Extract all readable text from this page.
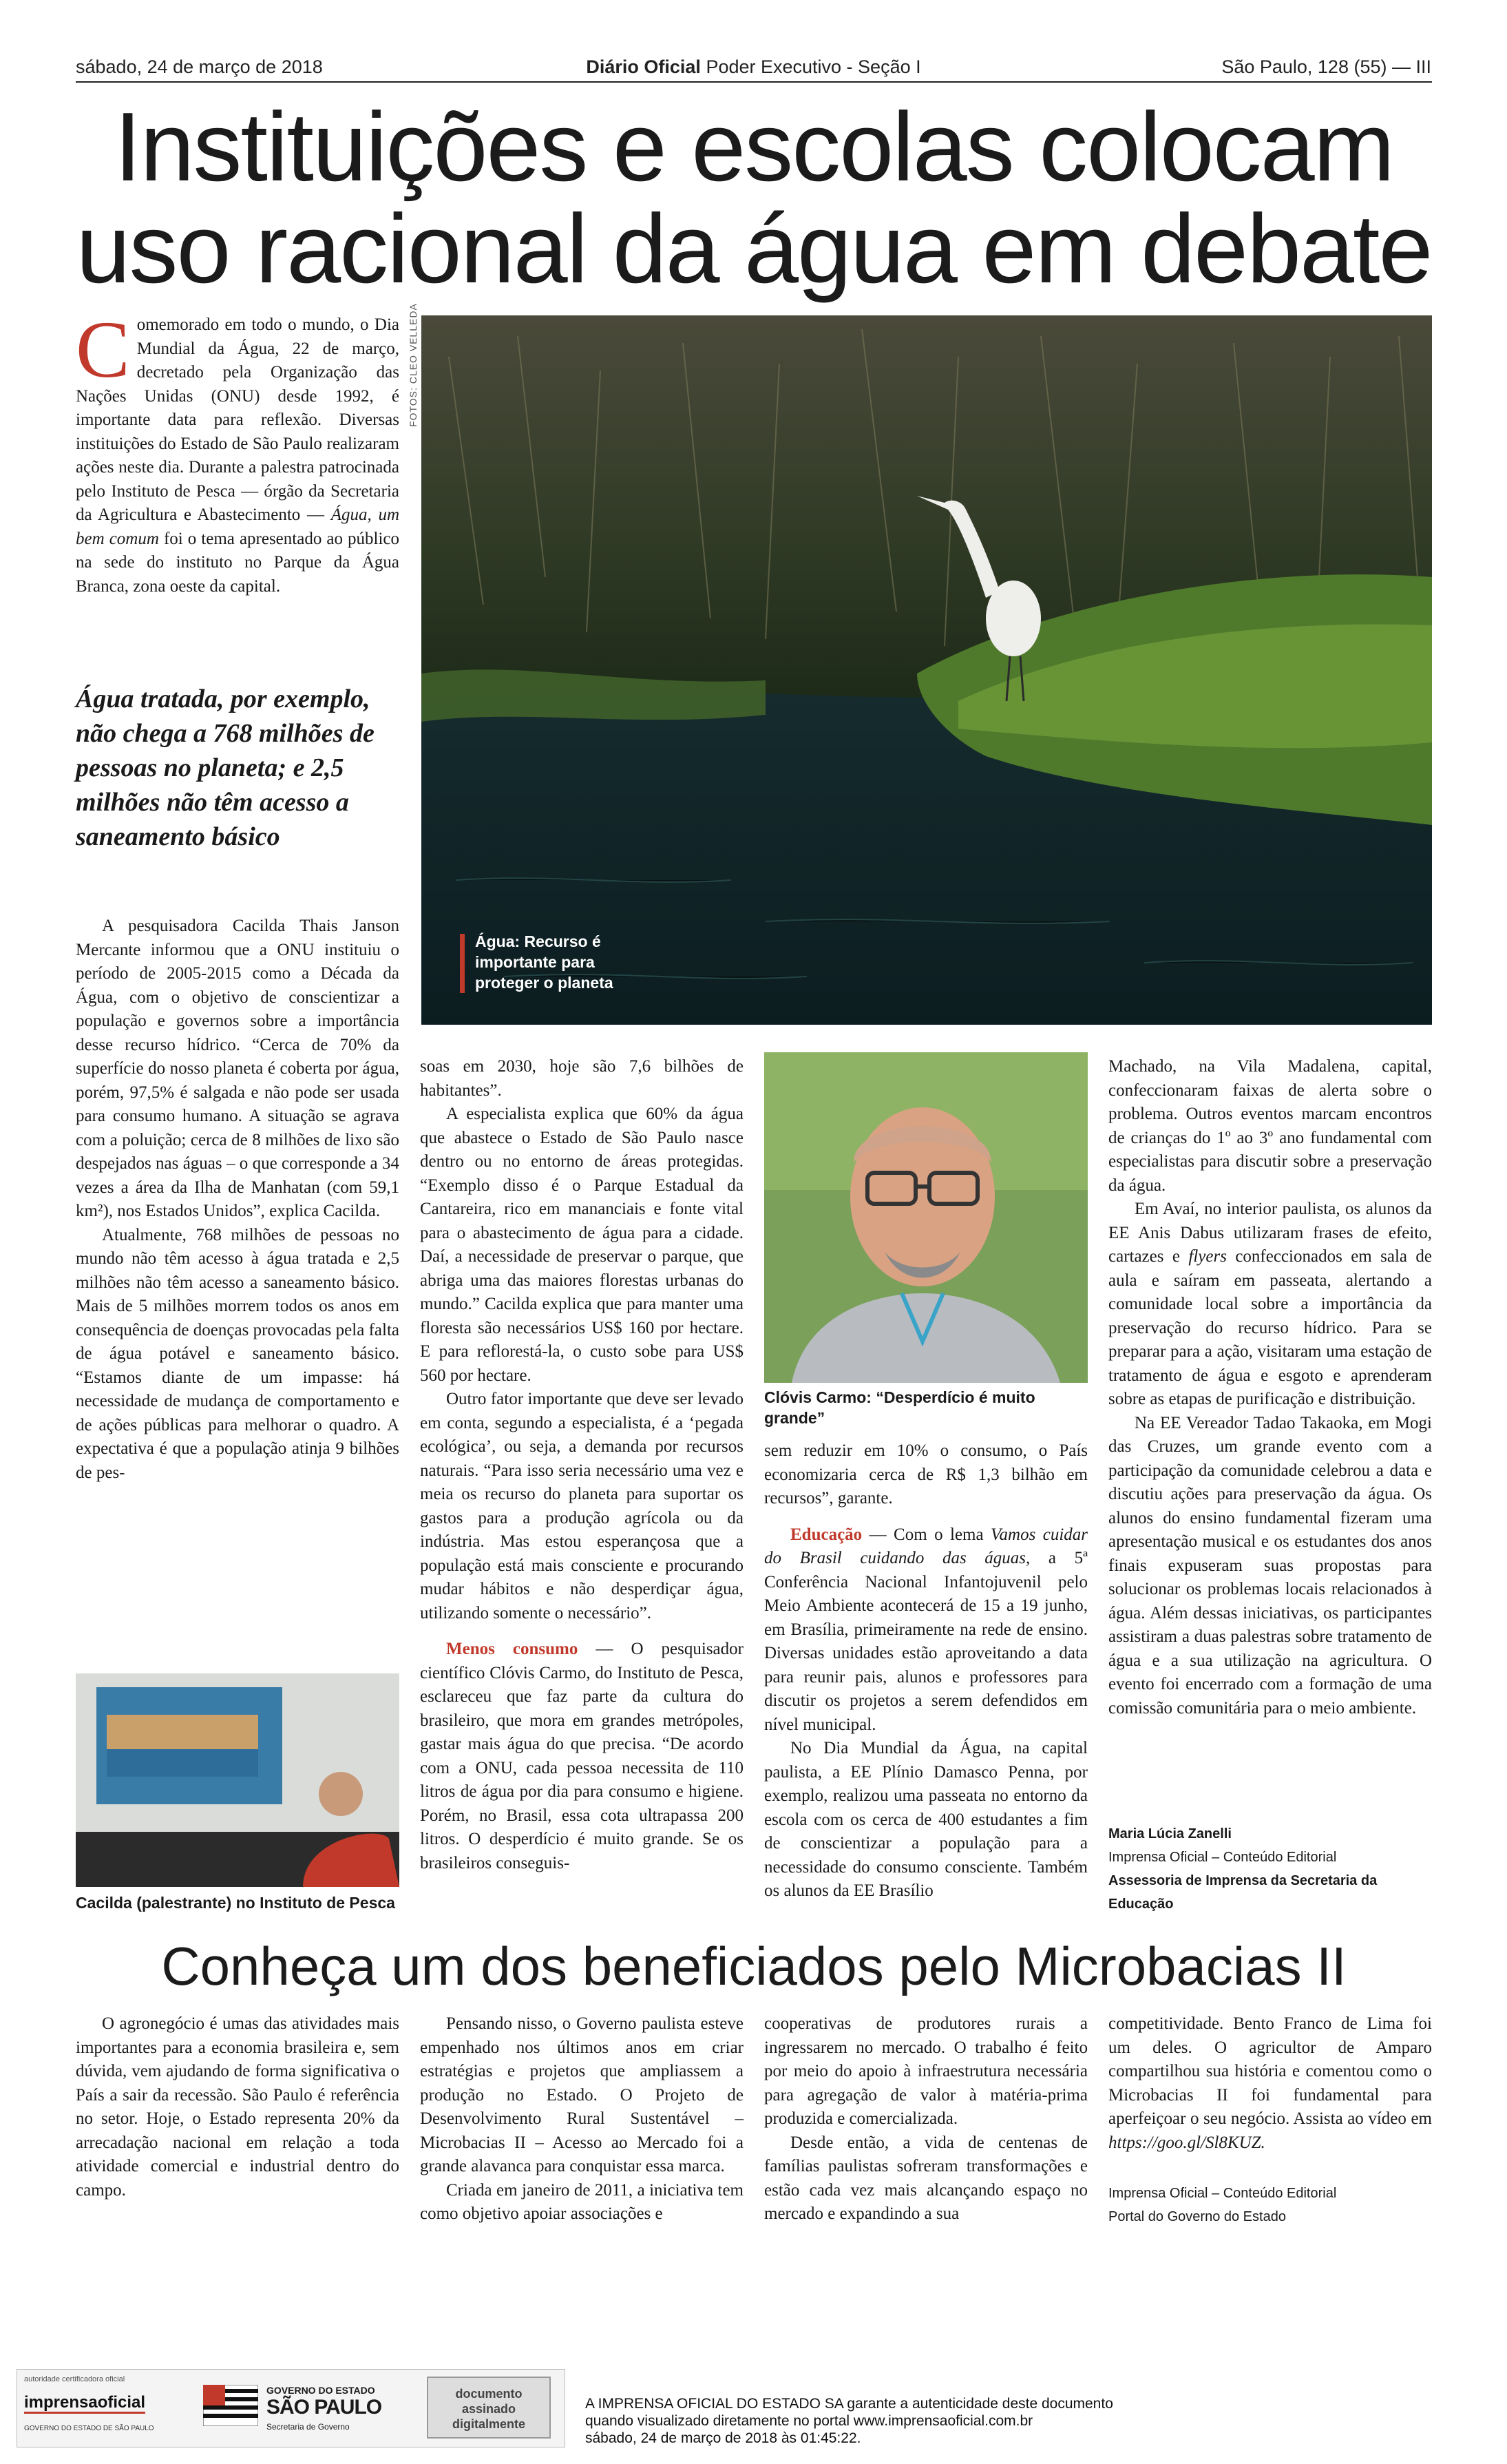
sábado, 24 de março de 2018	Diário Oficial Poder Executivo - Seção I	São Paulo, 128 (55) — III
Instituições e escolas colocam
uso racional da água em debate
Comemorado em todo o mundo, o Dia Mundial da Água, 22 de março, decretado pela Organização das Nações Unidas (ONU) desde 1992, é importante data para reflexão. Diversas instituições do Estado de São Paulo realizaram ações neste dia. Durante a palestra patrocinada pelo Instituto de Pesca — órgão da Secretaria da Agricultura e Abastecimento — Água, um bem comum foi o tema apresentado ao público na sede do instituto no Parque da Água Branca, zona oeste da capital.
Água tratada, por exemplo, não chega a 768 milhões de pessoas no planeta; e 2,5 milhões não têm acesso a saneamento básico
FOTOS: CLEO VELLEDA
Água: Recurso é importante para proteger o planeta

A pesquisadora Cacilda Thais Janson Mercante informou que a ONU instituiu o período de 2005-2015 como a Década da Água, com o objetivo de conscientizar a população e governos sobre a importância desse recurso hídrico. “Cerca de 70% da superfície do nosso planeta é coberta por água, porém, 97,5% é salgada e não pode ser usada para consumo humano. A situação se agrava com a poluição; cerca de 8 milhões de lixo são despejados nas águas – o que corresponde a 34 vezes a área da Ilha de Manhatan (com 59,1 km²), nos Estados Unidos”, explica Cacilda.

Atualmente, 768 milhões de pessoas no mundo não têm acesso à água tratada e 2,5 milhões não têm acesso a saneamento básico. Mais de 5 milhões morrem todos os anos em consequência de doenças provocadas pela falta de água potável e saneamento básico. “Estamos diante de um impasse: há necessidade de mudança de comportamento e de ações públicas para melhorar o quadro. A expectativa é que a população atinja 9 bilhões de pes-

Cacilda (palestrante) no Instituto de Pesca

soas em 2030, hoje são 7,6 bilhões de habitantes”.

A especialista explica que 60% da água que abastece o Estado de São Paulo nasce dentro ou no entorno de áreas protegidas. “Exemplo disso é o Parque Estadual da Cantareira, rico em mananciais e fonte vital para o abastecimento de água para a cidade. Daí, a necessidade de preservar o parque, que abriga uma das maiores florestas urbanas do mundo.” Cacilda explica que para manter uma floresta são necessários US$ 160 por hectare. E para reflorestá-la, o custo sobe para US$ 560 por hectare.

Outro fator importante que deve ser levado em conta, segundo a especialista, é a ‘pegada ecológica’, ou seja, a demanda por recursos naturais. “Para isso seria necessário uma vez e meia os recurso do planeta para suportar os gastos para a produção agrícola ou da indústria. Mas estou esperançosa que a população está mais consciente e procurando mudar hábitos e não desperdiçar água, utilizando somente o necessário”.

Menos consumo — O pesquisador científico Clóvis Carmo, do Instituto de Pesca, esclareceu que faz parte da cultura do brasileiro, que mora em grandes metrópoles, gastar mais água do que precisa. “De acordo com a ONU, cada pessoa necessita de 110 litros de água por dia para consumo e higiene. Porém, no Brasil, essa cota ultrapassa 200 litros. O desperdício é muito grande. Se os brasileiros conseguis-

Clóvis Carmo: “Desperdício é muito grande”

sem reduzir em 10% o consumo, o País economizaria cerca de R$ 1,3 bilhão em recursos”, garante.

Educação — Com o lema Vamos cuidar do Brasil cuidando das águas, a 5ª Conferência Nacional Infantojuvenil pelo Meio Ambiente acontecerá de 15 a 19 junho, em Brasília, primeiramente na rede de ensino. Diversas unidades estão aproveitando a data para reunir pais, alunos e professores para discutir os projetos a serem defendidos em nível municipal.

No Dia Mundial da Água, na capital paulista, a EE Plínio Damasco Penna, por exemplo, realizou uma passeata no entorno da escola com os cerca de 400 estudantes a fim de conscientizar a população para a necessidade do consumo consciente. Também os alunos da EE Brasílio

Machado, na Vila Madalena, capital, confeccionaram faixas de alerta sobre o problema. Outros eventos marcam encontros de crianças do 1º ao 3º ano fundamental com especialistas para discutir sobre a preservação da água.

Em Avaí, no interior paulista, os alunos da EE Anis Dabus utilizaram frases de efeito, cartazes e flyers confeccionados em sala de aula e saíram em passeata, alertando a comunidade local sobre a importância da preservação do recurso hídrico. Para se preparar para a ação, visitaram uma estação de tratamento de água e esgoto e aprenderam sobre as etapas de purificação e distribuição.

Na EE Vereador Tadao Takaoka, em Mogi das Cruzes, um grande evento com a participação da comunidade celebrou a data e discutiu ações para preservação da água. Os alunos do ensino fundamental fizeram uma apresentação musical e os estudantes dos anos finais expuseram suas propostas para solucionar os problemas locais relacionados à água. Além dessas iniciativas, os participantes assistiram a duas palestras sobre tratamento de água e a sua utilização na agricultura. O evento foi encerrado com a formação de uma comissão comunitária para o meio ambiente.

Maria Lúcia Zanelli
Imprensa Oficial – Conteúdo Editorial
Assessoria de Imprensa da Secretaria da Educação
Conheça um dos beneficiados pelo Microbacias II

O agronegócio é umas das atividades mais importantes para a economia brasileira e, sem dúvida, vem ajudando de forma significativa o País a sair da recessão. São Paulo é referência no setor. Hoje, o Estado representa 20% da arrecadação nacional em relação a toda atividade comercial e industrial dentro do campo.

Pensando nisso, o Governo paulista esteve empenhado nos últimos anos em criar estratégias e projetos que ampliassem a produção no Estado. O Projeto de Desenvolvimento Rural Sustentável – Microbacias II – Acesso ao Mercado foi a grande alavanca para conquistar essa marca.

Criada em janeiro de 2011, a iniciativa tem como objetivo apoiar associações e

cooperativas de produtores rurais a ingressarem no mercado. O trabalho é feito por meio do apoio à infraestrutura necessária para agregação de valor à matéria-prima produzida e comercializada.

Desde então, a vida de centenas de famílias paulistas sofreram transformações e estão cada vez mais alcançando espaço no mercado e expandindo a sua

competitividade. Bento Franco de Lima foi um deles. O agricultor de Amparo compartilhou sua história e comentou como o Microbacias II foi fundamental para aperfeiçoar o seu negócio. Assista ao vídeo em https://goo.gl/Sl8KUZ.

Imprensa Oficial – Conteúdo Editorial
Portal do Governo do Estado
autoridade certificadora oficial
imprensaoficial
GOVERNO DO ESTADO DE SÃO PAULO
GOVERNO DO ESTADO
SÃO PAULO
Secretaria de Governo
documento assinado digitalmente
A IMPRENSA OFICIAL DO ESTADO SA garante a autenticidade deste documento
quando visualizado diretamente no portal www.imprensaoficial.com.br
sábado, 24 de março de 2018 às 01:45:22.
